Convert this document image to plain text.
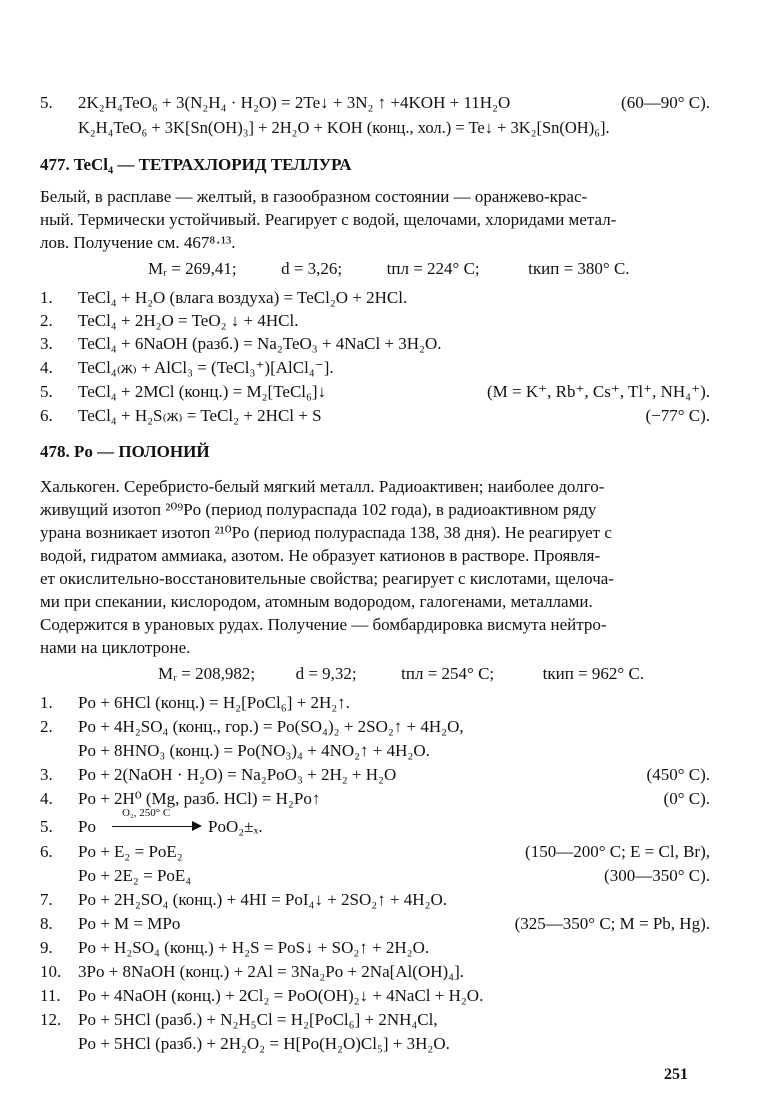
5. 2K₂H₄TeO₆ + 3(N₂H₄ · H₂O) = 2Te↓ + 3N₂ ↑ +4KOH + 11H₂O	(60—90° C).
K₂H₄TeO₆ + 3K[Sn(OH)₃] + 2H₂O + KOH (конц., хол.) = Te↓ + 3K₂[Sn(OH)₆].
477. TeCl₄ — ТЕТРАХЛОРИД ТЕЛЛУРА
Белый, в расплаве — желтый, в газообразном состоянии — оранжево-крас-
ный. Термически устойчивый. Реагирует с водой, щелочами, хлоридами метал-
лов. Получение см. 467⁸·¹³.
Mᵣ = 269,41;	d = 3,26;	tпл = 224° C;	tкип = 380° C.
1. TeCl₄ + H₂O (влага воздуха) = TeCl₂O + 2HCl.
2. TeCl₄ + 2H₂O = TeO₂ ↓ + 4HCl.
3. TeCl₄ + 6NaOH (разб.) = Na₂TeO₃ + 4NaCl + 3H₂O.
4. TeCl₄₍ж₎ + AlCl₃ = (TeCl₃⁺)[AlCl₄⁻].
5. TeCl₄ + 2MCl (конц.) = M₂[TeCl₆]↓	(M = K⁺, Rb⁺, Cs⁺, Tl⁺, NH₄⁺).
6. TeCl₄ + H₂S₍ж₎ = TeCl₂ + 2HCl + S	(−77° C).
478. Po — ПОЛОНИЙ
Халькоген. Серебристо-белый мягкий металл. Радиоактивен; наиболее долго-
живущий изотоп ²⁰⁹Po (период полураспада 102 года), в радиоактивном ряду
урана возникает изотоп ²¹⁰Po (период полураспада 138, 38 дня). Не реагирует с
водой, гидратом аммиака, азотом. Не образует катионов в растворе. Проявля-
ет окислительно-восстановительные свойства; реагирует с кислотами, щелоча-
ми при спекании, кислородом, атомным водородом, галогенами, металлами.
Содержится в урановых рудах. Получение — бомбардировка висмута нейтро-
нами на циклотроне.
Mᵣ = 208,982; d = 9,32;	tпл = 254° C;	tкип = 962° C.
1. Po + 6HCl (конц.) = H₂[PoCl₆] + 2H₂↑.
2. Po + 4H₂SO₄ (конц., гор.) = Po(SO₄)₂ + 2SO₂↑ + 4H₂O,
Po + 8HNO₃ (конц.) = Po(NO₃)₄ + 4NO₂↑ + 4H₂O.
3. Po + 2(NaOH · H₂O) = Na₂PoO₃ + 2H₂ + H₂O	(450° C).
4. Po + 2H⁰ (Mg, разб. HCl) = H₂Po↑	(0° C).
5. Po
O₂, 250° C
PoO₂±ₓ.
6. Po + E₂ = PoE₂	(150—200° C; E = Cl, Br),
Po + 2E₂ = PoE₄	(300—350° C).
7. Po + 2H₂SO₄ (конц.) + 4HI = PoI₄↓ + 2SO₂↑ + 4H₂O.
8. Po + M = MPo	(325—350° C; M = Pb, Hg).
9. Po + H₂SO₄ (конц.) + H₂S = PoS↓ + SO₂↑ + 2H₂O.
10. 3Po + 8NaOH (конц.) + 2Al = 3Na₂Po + 2Na[Al(OH)₄].
11. Po + 4NaOH (конц.) + 2Cl₂ = PoO(OH)₂↓ + 4NaCl + H₂O.
12. Po + 5HCl (разб.) + N₂H₅Cl = H₂[PoCl₆] + 2NH₄Cl,
Po + 5HCl (разб.) + 2H₂O₂ = H[Po(H₂O)Cl₅] + 3H₂O.
251
